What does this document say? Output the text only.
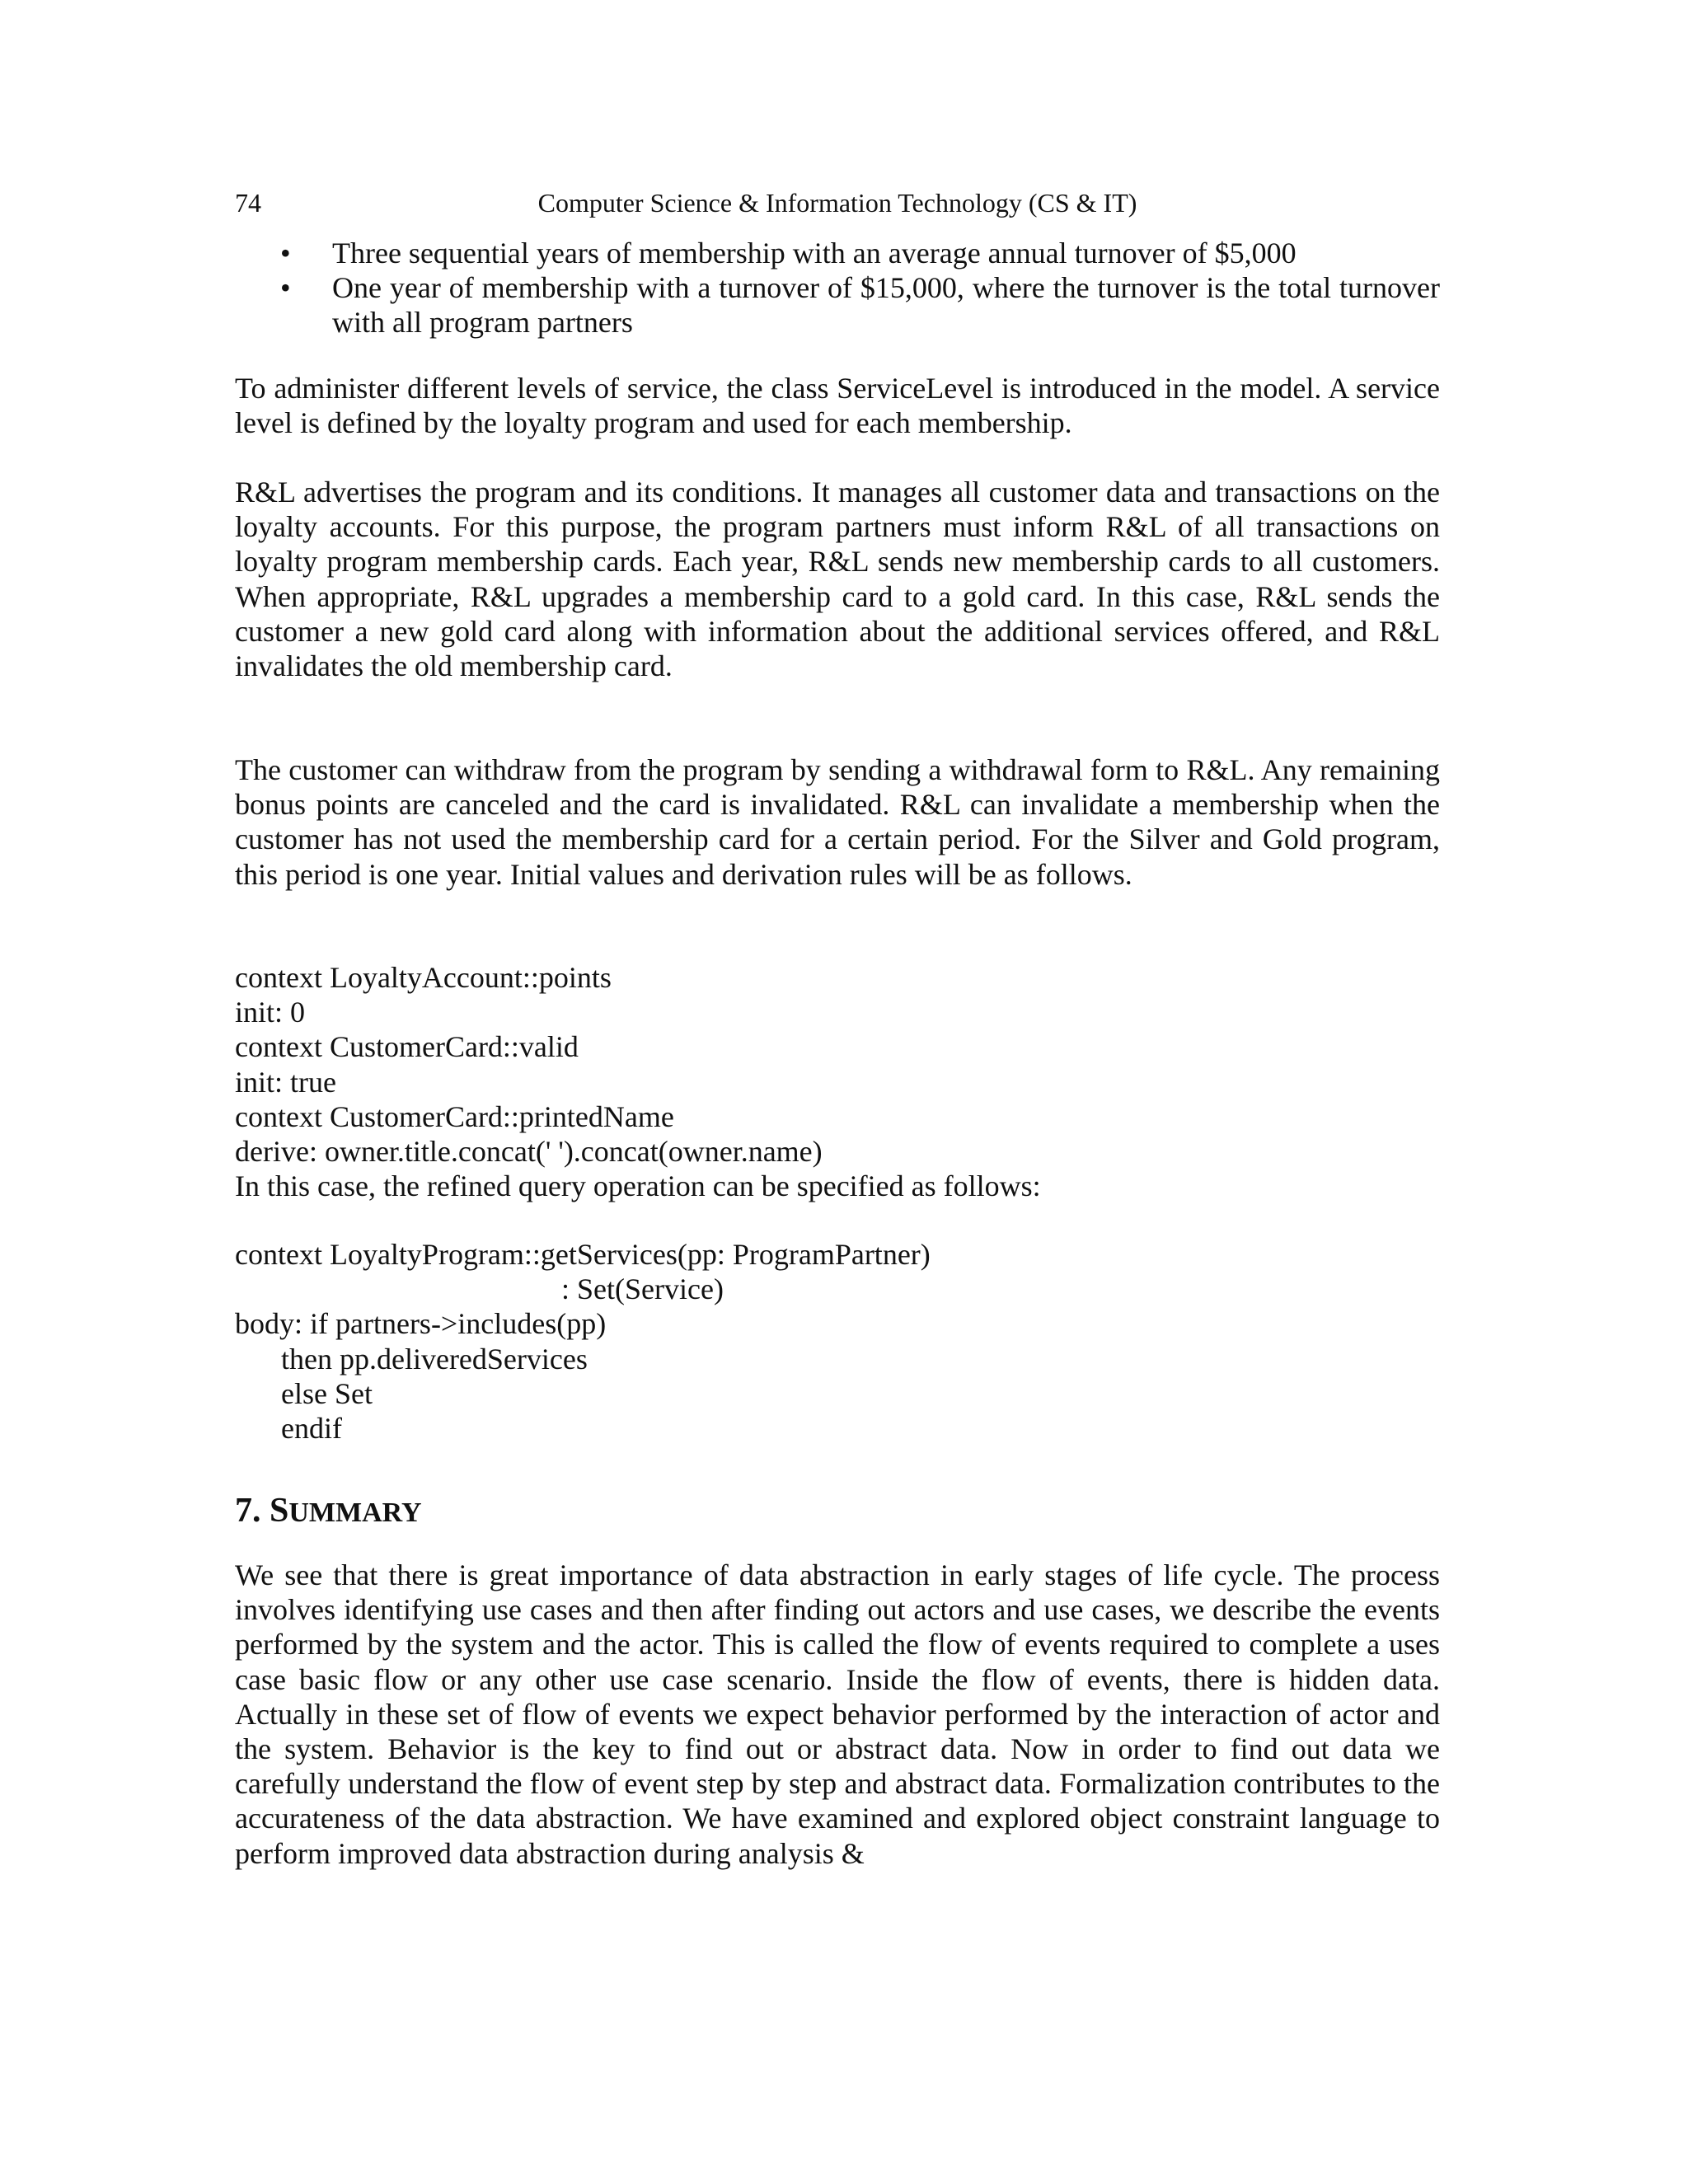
74	Computer Science & Information Technology (CS & IT)
• Three sequential years of membership with an average annual turnover of $5,000
• One year of membership with a turnover of $15,000, where the turnover is the total turnover with all program partners

To administer different levels of service, the class ServiceLevel is introduced in the model. A service level is defined by the loyalty program and used for each membership.

R&L advertises the program and its conditions. It manages all customer data and transactions on the loyalty accounts. For this purpose, the program partners must inform R&L of all transactions on loyalty program membership cards. Each year, R&L sends new membership cards to all customers. When appropriate, R&L upgrades a membership card to a gold card. In this case, R&L sends the customer a new gold card along with information about the additional services offered, and R&L invalidates the old membership card.

The customer can withdraw from the program by sending a withdrawal form to R&L. Any remaining bonus points are canceled and the card is invalidated. R&L can invalidate a membership when the customer has not used the membership card for a certain period. For the Silver and Gold program, this period is one year. Initial values and derivation rules will be as follows.

context LoyaltyAccount::points
init: 0
context CustomerCard::valid
init: true
context CustomerCard::printedName
derive: owner.title.concat(' ').concat(owner.name)
In this case, the refined query operation can be specified as follows:
context LoyaltyProgram::getServices(pp: ProgramPartner)
: Set(Service)
body: if partners->includes(pp)
then pp.deliveredServices
else Set
endif
7. SUMMARY

We see that there is great importance of data abstraction in early stages of life cycle. The process involves identifying use cases and then after finding out actors and use cases, we describe the events performed by the system and the actor. This is called the flow of events required to complete a uses case basic flow or any other use case scenario. Inside the flow of events, there is hidden data. Actually in these set of flow of events we expect behavior performed by the interaction of actor and the system. Behavior is the key to find out or abstract data. Now in order to find out data we carefully understand the flow of event step by step and abstract data. Formalization contributes to the accurateness of the data abstraction. We have examined and explored object constraint language to perform improved data abstraction during analysis &
